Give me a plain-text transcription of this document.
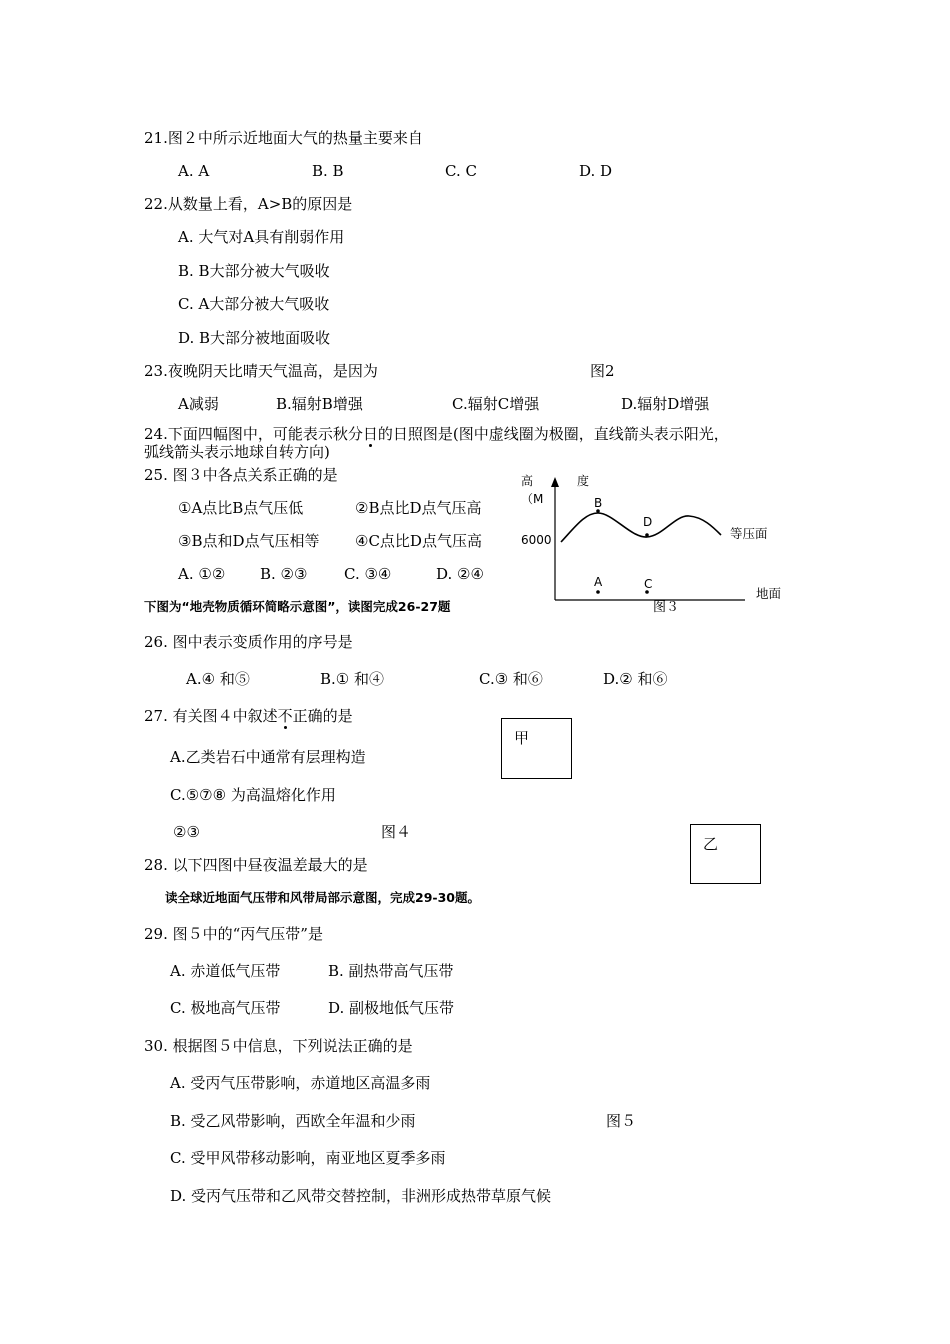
21.图２中所示近地面大气的热量主要来自
A. A	B. B	C. C	D. D
22.从数量上看，A>B的原因是
A. 大气对A具有削弱作用
B. B大部分被大气吸收
C. A大部分被大气吸收
D. B大部分被地面吸收
23.夜晚阴天比晴天气温高，是因为	图2
A减弱	B.辐射B增强	C.辐射C增强	D.辐射D增强
24.下面四幅图中，可能表示秋分日的日照图是(图中虚线圈为极圈，直线箭头表示阳光，
弧线箭头表示地球自转方向)
25. 图３中各点关系正确的是
①A点比B点气压低	②B点比D点气压高
③B点和D点气压相等 ④C点比D点气压高
A. ①② B. ②③ C. ③④	D. ②④
高	度
（M
6000
B
D
A	C
等压面
地面
图３
下图为“地壳物质循环简略示意图”，读图完成26-27题
26. 图中表示变质作用的序号是
A.④ 和⑤	B.① 和④	C.③ 和⑥	D.② 和⑥
27. 有关图４中叙述不正确的是
甲
A.乙类岩石中通常有层理构造
C.⑤⑦⑧ 为高温熔化作用
②③	图４
乙
28. 以下四图中昼夜温差最大的是
读全球近地面气压带和风带局部示意图，完成29-30题。
29. 图５中的“丙气压带”是
A. 赤道低气压带	B. 副热带高气压带
C. 极地高气压带	D. 副极地低气压带
30. 根据图５中信息，下列说法正确的是
A. 受丙气压带影响，赤道地区高温多雨
B. 受乙风带影响，西欧全年温和少雨	图５
C. 受甲风带移动影响，南亚地区夏季多雨
D. 受丙气压带和乙风带交替控制，非洲形成热带草原气候
